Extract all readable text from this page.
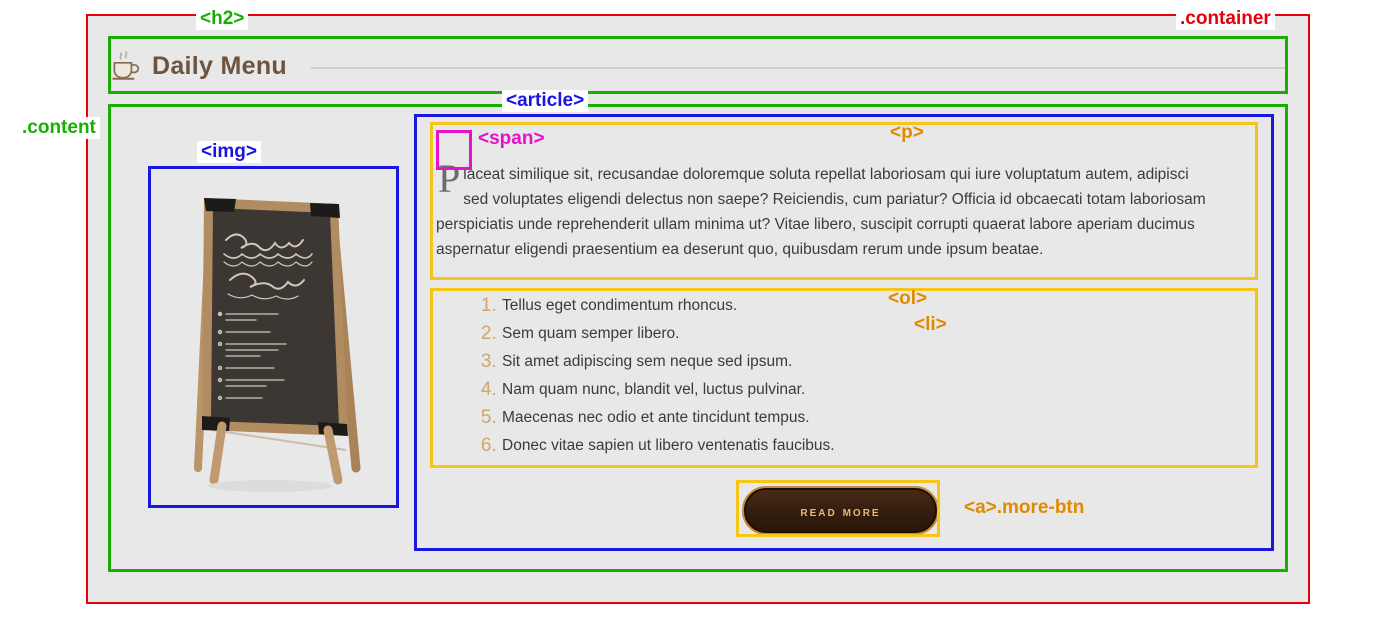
Daily Menu

Placeat similique sit, recusandae doloremque soluta repellat laboriosam qui iure voluptatum autem, adipisci sed voluptates eligendi delectus non saepe? Reiciendis, cum pariatur? Officia id obcaecati totam laboriosam perspiciatis unde reprehenderit ullam minima ut? Vitae libero, suscipit corrupti quaerat labore aperiam ducimus aspernatur eligendi praesentium ea deserunt quo, quibusdam rerum unde ipsum beatae.

1. Tellus eget condimentum rhoncus.
2. Sem quam semper libero.
3. Sit amet adipiscing sem neque sed ipsum.
4. Nam quam nunc, blandit vel, luctus pulvinar.
5. Maecenas nec odio et ante tincidunt tempus.
6. Donec vitae sapien ut libero ventenatis faucibus.
read more
.container
.content
<h2>
<article>
<img>
<span>	<p>
<ol>
<li>
<a>.more-btn
